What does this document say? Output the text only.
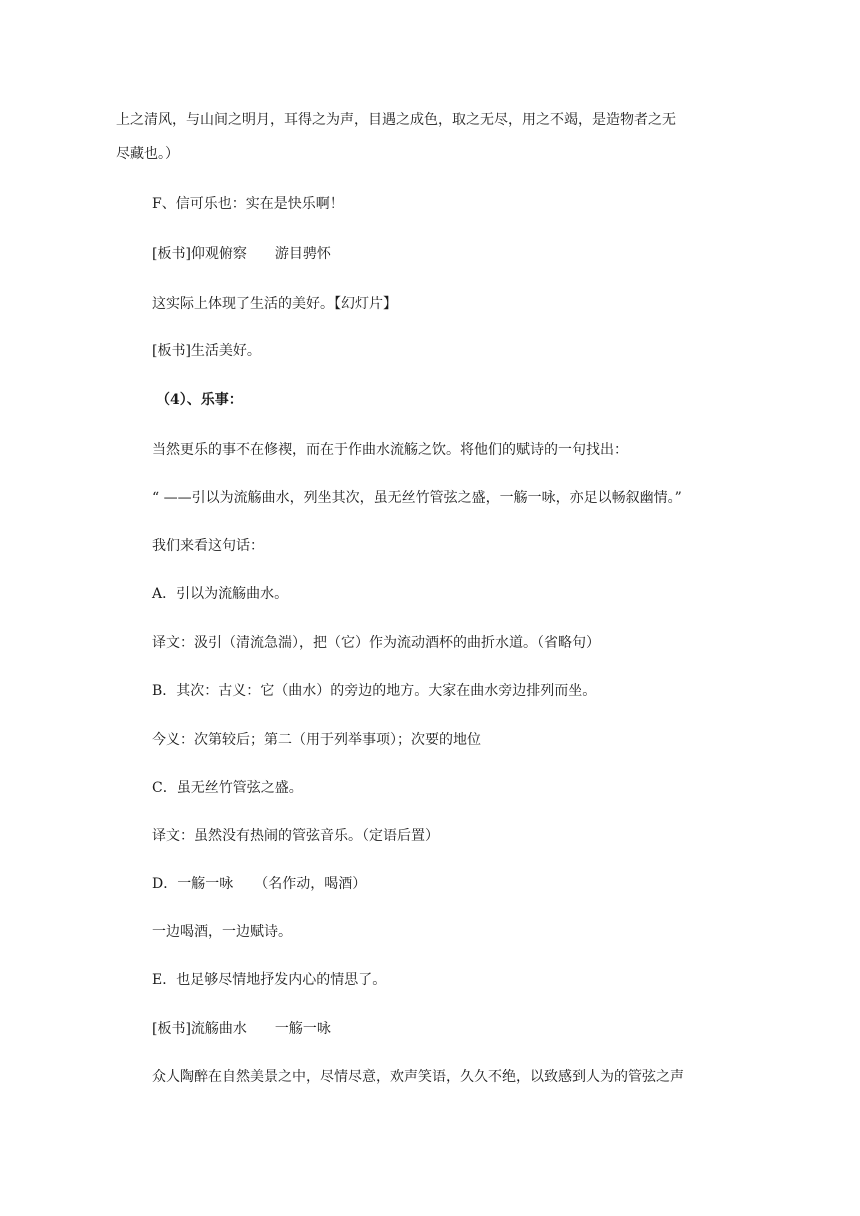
上之清风，与山间之明月，耳得之为声，目遇之成色，取之无尽，用之不竭，是造物者之无
尽藏也。）
F、信可乐也：实在是快乐啊！
[板书]仰观俯察　　游目骋怀
这实际上体现了生活的美好。【幻灯片】
[板书]生活美好。
（4）、乐事：
当然更乐的事不在修禊，而在于作曲水流觞之饮。将他们的赋诗的一句找出：
“ ——引以为流觞曲水，列坐其次，虽无丝竹管弦之盛，一觞一咏，亦足以畅叙幽情。”
我们来看这句话：
A．引以为流觞曲水。
译文：汲引（清流急湍），把（它）作为流动酒杯的曲折水道。（省略句）
B．其次：古义：它（曲水）的旁边的地方。大家在曲水旁边排列而坐。
今义：次第较后；第二（用于列举事项）；次要的地位
C．虽无丝竹管弦之盛。
译文：虽然没有热闹的管弦音乐。（定语后置）
D．一觞一咏　　（名作动，喝酒）
一边喝酒，一边赋诗。
E．也足够尽情地抒发内心的情思了。
[板书]流觞曲水　　一觞一咏
众人陶醉在自然美景之中，尽情尽意，欢声笑语，久久不绝，以致感到人为的管弦之声
